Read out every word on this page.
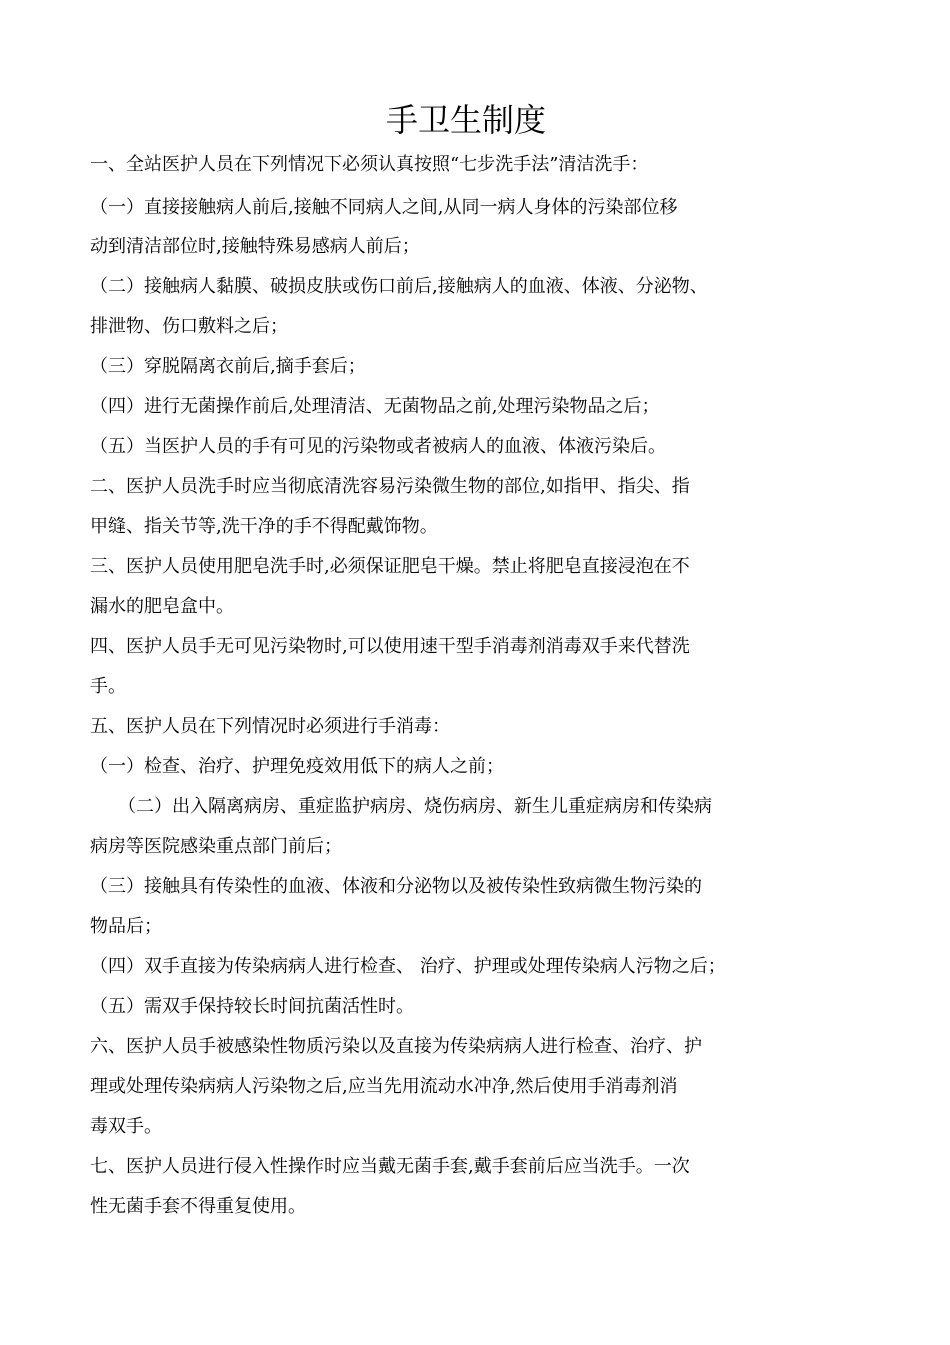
手卫生制度

一、全站医护人员在下列情况下必须认真按照“七步洗手法”清洁洗手：

（一）直接接触病人前后,接触不同病人之间,从同一病人身体的污染部位移

动到清洁部位时,接触特殊易感病人前后；

（二）接触病人黏膜、破损皮肤或伤口前后,接触病人的血液、体液、分泌物、

排泄物、伤口敷料之后；

（三）穿脱隔离衣前后,摘手套后；

（四）进行无菌操作前后,处理清洁、无菌物品之前,处理污染物品之后；

（五）当医护人员的手有可见的污染物或者被病人的血液、体液污染后。

二、医护人员洗手时应当彻底清洗容易污染微生物的部位,如指甲、指尖、指

甲缝、指关节等,洗干净的手不得配戴饰物。

三、医护人员使用肥皂洗手时,必须保证肥皂干燥。禁止将肥皂直接浸泡在不

漏水的肥皂盒中。

四、医护人员手无可见污染物时,可以使用速干型手消毒剂消毒双手来代替洗

手。

五、医护人员在下列情况时必须进行手消毒：

（一）检查、治疗、护理免疫效用低下的病人之前；

（二）出入隔离病房、重症监护病房、烧伤病房、新生儿重症病房和传染病

病房等医院感染重点部门前后；

（三）接触具有传染性的血液、体液和分泌物以及被传染性致病微生物污染的

物品后；

（四）双手直接为传染病病人进行检查、 治疗、护理或处理传染病人污物之后；

（五）需双手保持较长时间抗菌活性时。

六、医护人员手被感染性物质污染以及直接为传染病病人进行检查、治疗、护

理或处理传染病病人污染物之后,应当先用流动水冲净,然后使用手消毒剂消

毒双手。

七、医护人员进行侵入性操作时应当戴无菌手套,戴手套前后应当洗手。一次

性无菌手套不得重复使用。
